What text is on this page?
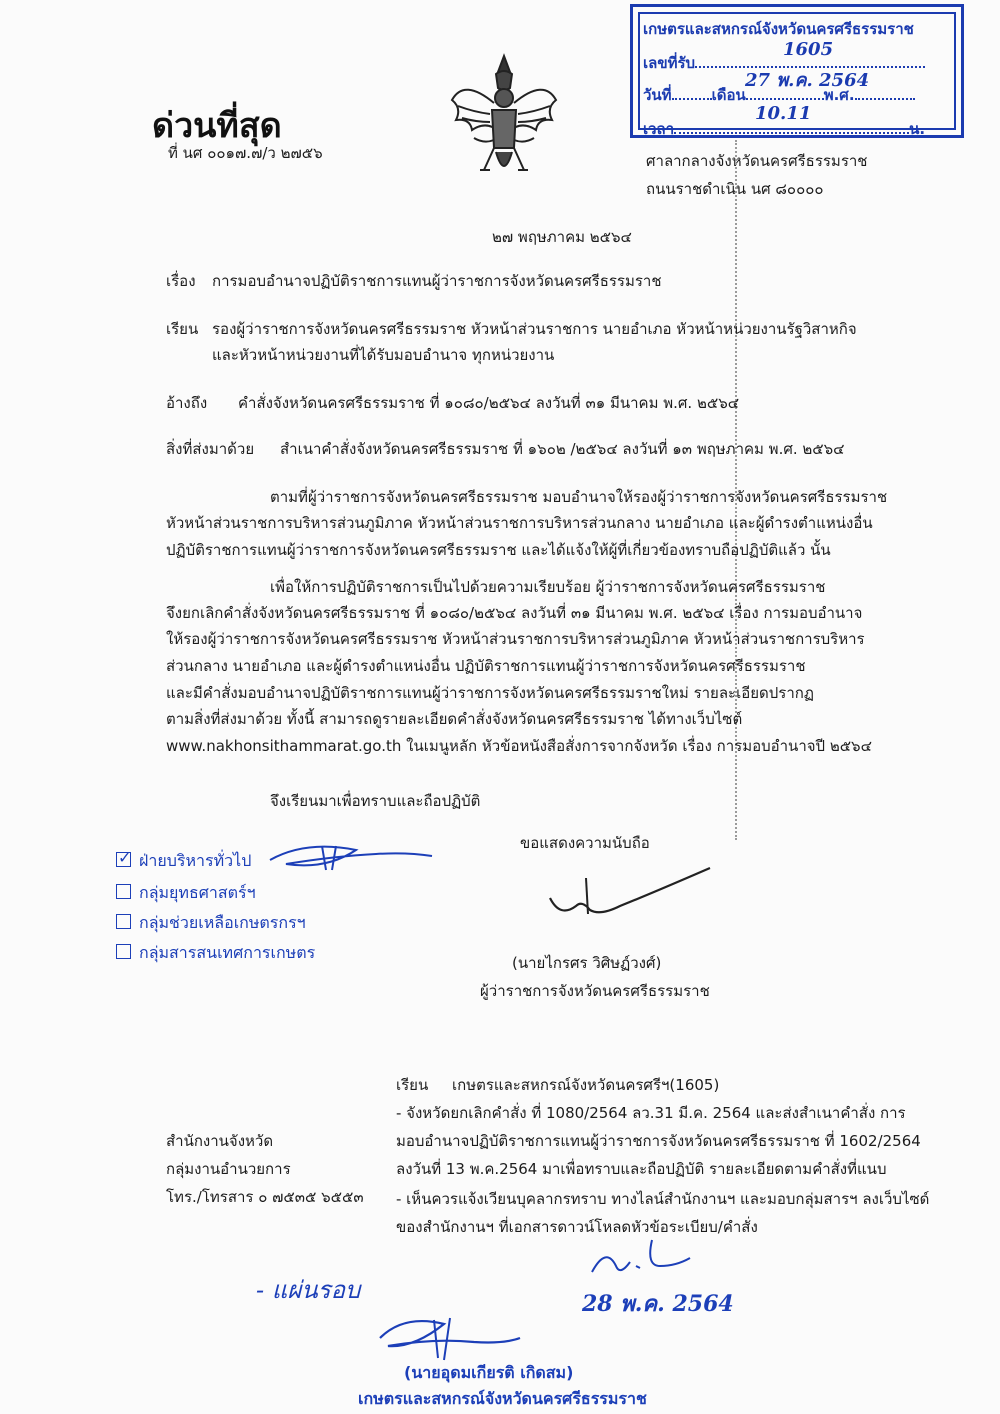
เกษตรและสหกรณ์จังหวัดนครศรีธรรมราช
เลขที่รับ
1605
วันที่	เดือน	พ.ศ.
27 พ.ค. 2564
เวลา	น.
10.11
ด่วนที่สุด
ที่ นศ ๐๐๑๗.๗/ว ๒๗๕๖	ศาลากลางจังหวัดนครศรีธรรมราช
ถนนราชดำเนิน นศ ๘๐๐๐๐
๒๗ พฤษภาคม ๒๕๖๔
เรื่อง การมอบอำนาจปฏิบัติราชการแทนผู้ว่าราชการจังหวัดนครศรีธรรมราช
เรียน รองผู้ว่าราชการจังหวัดนครศรีธรรมราช หัวหน้าส่วนราชการ นายอำเภอ หัวหน้าหน่วยงานรัฐวิสาหกิจ
และหัวหน้าหน่วยงานที่ได้รับมอบอำนาจ ทุกหน่วยงาน
อ้างถึง คำสั่งจังหวัดนครศรีธรรมราช ที่ ๑๐๘๐/๒๕๖๔ ลงวันที่ ๓๑ มีนาคม พ.ศ. ๒๕๖๔
สิ่งที่ส่งมาด้วย สำเนาคำสั่งจังหวัดนครศรีธรรมราช ที่ ๑๖๐๒ /๒๕๖๔ ลงวันที่ ๑๓ พฤษภาคม พ.ศ. ๒๕๖๔
ตามที่ผู้ว่าราชการจังหวัดนครศรีธรรมราช มอบอำนาจให้รองผู้ว่าราชการจังหวัดนครศรีธรรมราช
หัวหน้าส่วนราชการบริหารส่วนภูมิภาค หัวหน้าส่วนราชการบริหารส่วนกลาง นายอำเภอ และผู้ดำรงตำแหน่งอื่น
ปฏิบัติราชการแทนผู้ว่าราชการจังหวัดนครศรีธรรมราช และได้แจ้งให้ผู้ที่เกี่ยวข้องทราบถือปฏิบัติแล้ว นั้น
เพื่อให้การปฏิบัติราชการเป็นไปด้วยความเรียบร้อย ผู้ว่าราชการจังหวัดนครศรีธรรมราช
จึงยกเลิกคำสั่งจังหวัดนครศรีธรรมราช ที่ ๑๐๘๐/๒๕๖๔ ลงวันที่ ๓๑ มีนาคม พ.ศ. ๒๕๖๔ เรื่อง การมอบอำนาจ
ให้รองผู้ว่าราชการจังหวัดนครศรีธรรมราช หัวหน้าส่วนราชการบริหารส่วนภูมิภาค หัวหน้าส่วนราชการบริหาร
ส่วนกลาง นายอำเภอ และผู้ดำรงตำแหน่งอื่น ปฏิบัติราชการแทนผู้ว่าราชการจังหวัดนครศรีธรรมราช
และมีคำสั่งมอบอำนาจปฏิบัติราชการแทนผู้ว่าราชการจังหวัดนครศรีธรรมราชใหม่ รายละเอียดปรากฏ
ตามสิ่งที่ส่งมาด้วย ทั้งนี้ สามารถดูรายละเอียดคำสั่งจังหวัดนครศรีธรรมราช ได้ทางเว็บไซต์
www.nakhonsithammarat.go.th ในเมนูหลัก หัวข้อหนังสือสั่งการจากจังหวัด เรื่อง การมอบอำนาจปี ๒๕๖๔
จึงเรียนมาเพื่อทราบและถือปฏิบัติ
ขอแสดงความนับถือ
(นายไกรศร วิศิษฏ์วงศ์)
ผู้ว่าราชการจังหวัดนครศรีธรรมราช
✓ ฝ่ายบริหารทั่วไป
กลุ่มยุทธศาสตร์ฯ
กลุ่มช่วยเหลือเกษตรกรฯ
กลุ่มสารสนเทศการเกษตร
สำนักงานจังหวัด
กลุ่มงานอำนวยการ
โทร./โทรสาร ๐ ๗๕๓๕ ๖๕๕๓
เรียน เกษตรและสหกรณ์จังหวัดนครศรีฯ(1605)
- จังหวัดยกเลิกคำสั่ง ที่ 1080/2564 ลว.31 มี.ค. 2564 และส่งสำเนาคำสั่ง การ
มอบอำนาจปฏิบัติราชการแทนผู้ว่าราชการจังหวัดนครศรีธรรมราช ที่ 1602/2564
ลงวันที่ 13 พ.ค.2564 มาเพื่อทราบและถือปฏิบัติ รายละเอียดตามคำสั่งที่แนบ
- เห็นควรแจ้งเวียนบุคลากรทราบ ทางไลน์สำนักงานฯ และมอบกลุ่มสารฯ ลงเว็บไซด์
ของสำนักงานฯ ที่เอกสารดาวน์โหลดหัวข้อระเบียบ/คำสั่ง
28 พ.ค. 2564
- แผ่นรอบ
(นายอุดมเกียรติ เกิดสม)
เกษตรและสหกรณ์จังหวัดนครศรีธรรมราช
